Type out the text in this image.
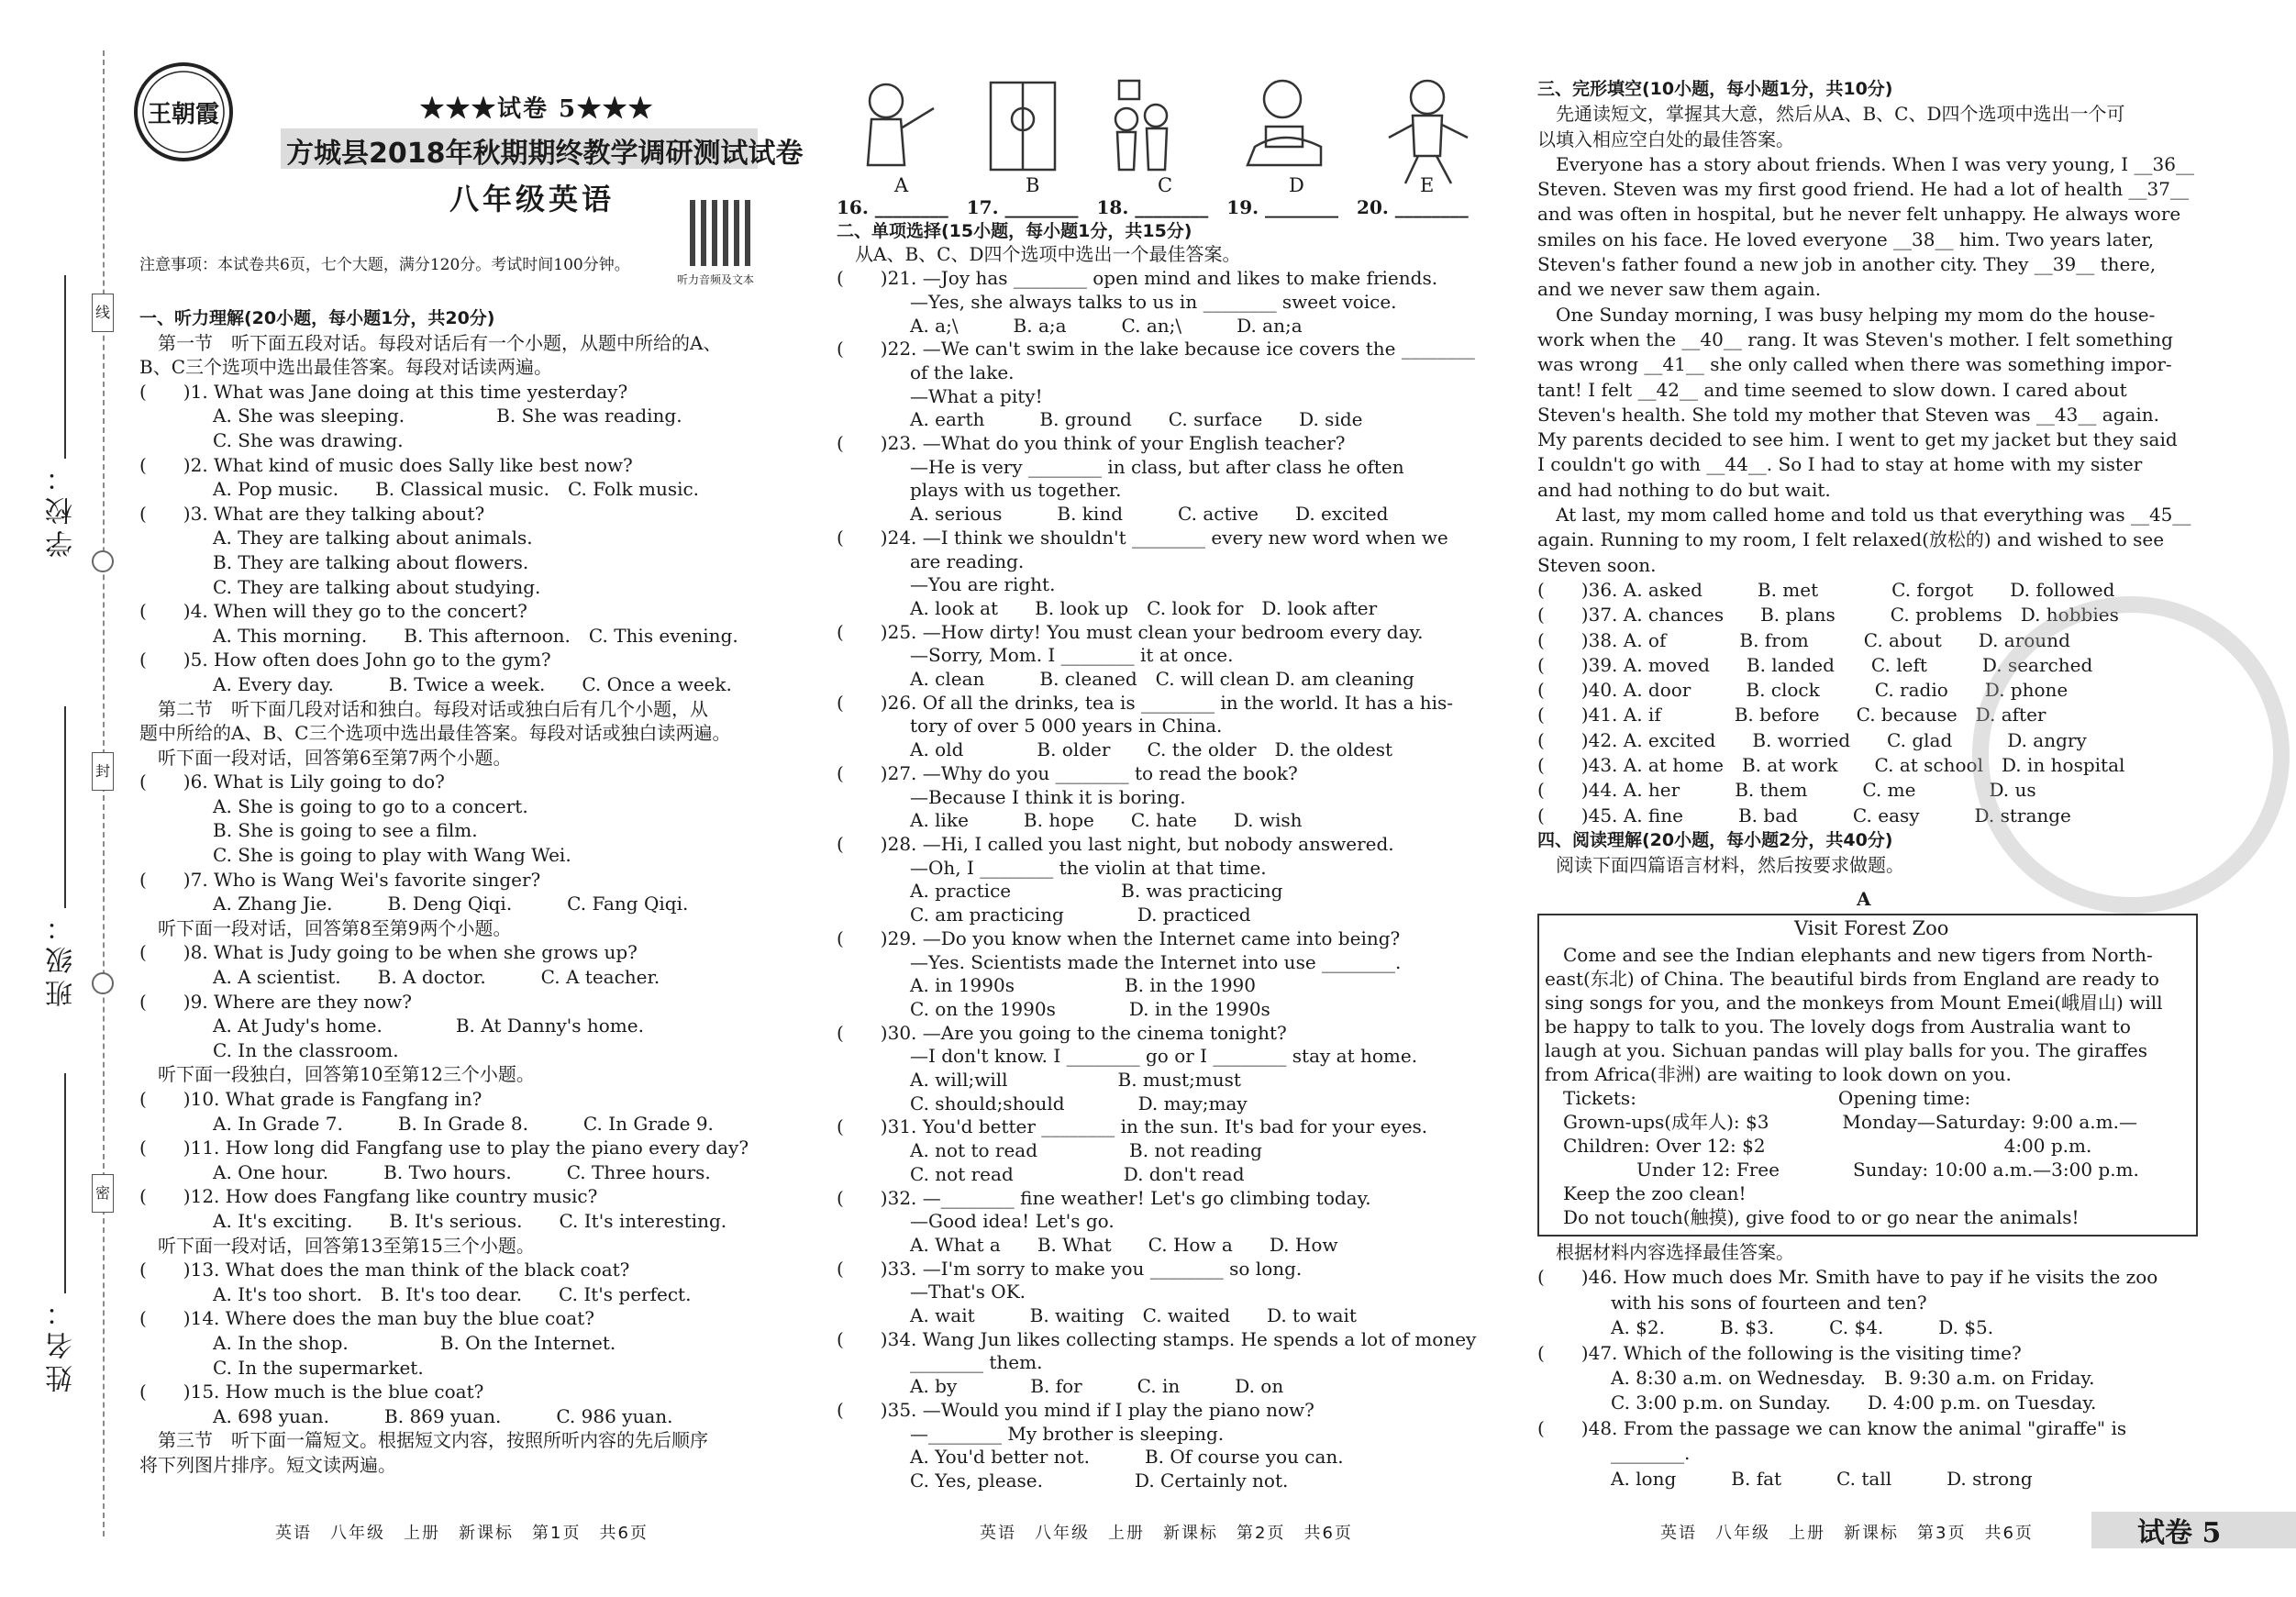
线
封
密
学校：
班级：
姓名：
王朝霞	★★★试卷 5★★★
方城县2018年秋期期终教学调研测试试卷
八年级英语
听力音频及文本
注意事项：本试卷共6页，七个大题，满分120分。考试时间100分钟。

一、听力理解(20小题，每小题1分，共20分)

　第一节　听下面五段对话。每段对话后有一个小题，从题中所给的A、

B、C三个选项中选出最佳答案。每段对话读两遍。

(　　)1. What was Jane doing at this time yesterday?

　　　　A. She was sleeping.　　　　　B. She was reading.

　　　　C. She was drawing.

(　　)2. What kind of music does Sally like best now?

　　　　A. Pop music.　　B. Classical music.　C. Folk music.

(　　)3. What are they talking about?

　　　　A. They are talking about animals.

　　　　B. They are talking about flowers.

　　　　C. They are talking about studying.

(　　)4. When will they go to the concert?

　　　　A. This morning.　　B. This afternoon.　C. This evening.

(　　)5. How often does John go to the gym?

　　　　A. Every day.　　　B. Twice a week.　　C. Once a week.

　第二节　听下面几段对话和独白。每段对话或独白后有几个小题，从

题中所给的A、B、C三个选项中选出最佳答案。每段对话或独白读两遍。

　听下面一段对话，回答第6至第7两个小题。

(　　)6. What is Lily going to do?

　　　　A. She is going to go to a concert.

　　　　B. She is going to see a film.

　　　　C. She is going to play with Wang Wei.

(　　)7. Who is Wang Wei's favorite singer?

　　　　A. Zhang Jie.　　　B. Deng Qiqi.　　　C. Fang Qiqi.

　听下面一段对话，回答第8至第9两个小题。

(　　)8. What is Judy going to be when she grows up?

　　　　A. A scientist.　　B. A doctor.　　　C. A teacher.

(　　)9. Where are they now?

　　　　A. At Judy's home.　　　　B. At Danny's home.

　　　　C. In the classroom.

　听下面一段独白，回答第10至第12三个小题。

(　　)10. What grade is Fangfang in?

　　　　A. In Grade 7.　　　B. In Grade 8.　　　C. In Grade 9.

(　　)11. How long did Fangfang use to play the piano every day?

　　　　A. One hour.　　　B. Two hours.　　　C. Three hours.

(　　)12. How does Fangfang like country music?

　　　　A. It's exciting.　　B. It's serious.　　C. It's interesting.

　听下面一段对话，回答第13至第15三个小题。

(　　)13. What does the man think of the black coat?

　　　　A. It's too short.　B. It's too dear.　　C. It's perfect.

(　　)14. Where does the man buy the blue coat?

　　　　A. In the shop.　　　　　B. On the Internet.

　　　　C. In the supermarket.

(　　)15. How much is the blue coat?

　　　　A. 698 yuan.　　　B. 869 yuan.　　　C. 986 yuan.

　第三节　听下面一篇短文。根据短文内容，按照所听内容的先后顺序

将下列图片排序。短文读两遍。

A	B	C	D	E

16. ________　17. ________　18. ________　19. ________　20. ________

二、单项选择(15小题，每小题1分，共15分)

　从A、B、C、D四个选项中选出一个最佳答案。

(　　)21. —Joy has ________ open mind and likes to make friends.

　　　　—Yes, she always talks to us in ________ sweet voice.

　　　　A. a;\　　　B. a;a　　　C. an;\　　　D. an;a

(　　)22. —We can't swim in the lake because ice covers the ________

　　　　of the lake.

　　　　—What a pity!

　　　　A. earth　　　B. ground　　C. surface　　D. side

(　　)23. —What do you think of your English teacher?

　　　　—He is very ________ in class, but after class he often

　　　　plays with us together.

　　　　A. serious　　　B. kind　　　C. active　　D. excited

(　　)24. —I think we shouldn't ________ every new word when we

　　　　are reading.

　　　　—You are right.

　　　　A. look at　　B. look up　C. look for　D. look after

(　　)25. —How dirty! You must clean your bedroom every day.

　　　　—Sorry, Mom. I ________ it at once.

　　　　A. clean　　　B. cleaned　C. will clean D. am cleaning

(　　)26. Of all the drinks, tea is ________ in the world. It has a his-

　　　　tory of over 5 000 years in China.

　　　　A. old　　　　B. older　　C. the older　D. the oldest

(　　)27. —Why do you ________ to read the book?

　　　　—Because I think it is boring.

　　　　A. like　　　B. hope　　C. hate　　D. wish

(　　)28. —Hi, I called you last night, but nobody answered.

　　　　—Oh, I ________ the violin at that time.

　　　　A. practice　　　　　　B. was practicing

　　　　C. am practicing　　　　D. practiced

(　　)29. —Do you know when the Internet came into being?

　　　　—Yes. Scientists made the Internet into use ________.

　　　　A. in 1990s　　　　　　B. in the 1990

　　　　C. on the 1990s　　　　D. in the 1990s

(　　)30. —Are you going to the cinema tonight?

　　　　—I don't know. I ________ go or I ________ stay at home.

　　　　A. will;will　　　　　　B. must;must

　　　　C. should;should　　　　D. may;may

(　　)31. You'd better ________ in the sun. It's bad for your eyes.

　　　　A. not to read　　　　　B. not reading

　　　　C. not read　　　　　　D. don't read

(　　)32. —________ fine weather! Let's go climbing today.

　　　　—Good idea! Let's go.

　　　　A. What a　　B. What　　C. How a　　D. How

(　　)33. —I'm sorry to make you ________ so long.

　　　　—That's OK.

　　　　A. wait　　　B. waiting　C. waited　　D. to wait

(　　)34. Wang Jun likes collecting stamps. He spends a lot of money

　　　　________ them.

　　　　A. by　　　　B. for　　　C. in　　　D. on

(　　)35. —Would you mind if I play the piano now?

　　　　—________ My brother is sleeping.

　　　　A. You'd better not.　　　B. Of course you can.

　　　　C. Yes, please.　　　　　D. Certainly not.

三、完形填空(10小题，每小题1分，共10分)

　先通读短文，掌握其大意，然后从A、B、C、D四个选项中选出一个可

以填入相应空白处的最佳答案。

　Everyone has a story about friends. When I was very young, I __36__

Steven. Steven was my first good friend. He had a lot of health __37__

and was often in hospital, but he never felt unhappy. He always wore

smiles on his face. He loved everyone __38__ him. Two years later,

Steven's father found a new job in another city. They __39__ there,

and we never saw them again.

　One Sunday morning, I was busy helping my mom do the house-

work when the __40__ rang. It was Steven's mother. I felt something

was wrong __41__ she only called when there was something impor-

tant! I felt __42__ and time seemed to slow down. I cared about

Steven's health. She told my mother that Steven was __43__ again.

My parents decided to see him. I went to get my jacket but they said

I couldn't go with __44__. So I had to stay at home with my sister

and had nothing to do but wait.

　At last, my mom called home and told us that everything was __45__

again. Running to my room, I felt relaxed(放松的) and wished to see

Steven soon.

(　　)36. A. asked　　　B. met　　　　C. forgot　　D. followed

(　　)37. A. chances　　B. plans　　　C. problems　D. hobbies

(　　)38. A. of　　　　B. from　　　C. about　　D. around

(　　)39. A. moved　　B. landed　　C. left　　　D. searched

(　　)40. A. door　　　B. clock　　　C. radio　　D. phone

(　　)41. A. if　　　　B. before　　C. because　D. after

(　　)42. A. excited　　B. worried　　C. glad　　　D. angry

(　　)43. A. at home　B. at work　　C. at school　D. in hospital

(　　)44. A. her　　　B. them　　　C. me　　　　D. us

(　　)45. A. fine　　　B. bad　　　C. easy　　　D. strange

四、阅读理解(20小题，每小题2分，共40分)

　阅读下面四篇语言材料，然后按要求做题。

A
Visit Forest Zoo

　Come and see the Indian elephants and new tigers from North-

east(东北) of China. The beautiful birds from England are ready to

sing songs for you, and the monkeys from Mount Emei(峨眉山) will

be happy to talk to you. The lovely dogs from Australia want to

laugh at you. Sichuan pandas will play balls for you. The giraffes

from Africa(非洲) are waiting to look down on you.

　Tickets:　　　　　　　　　　　Opening time:

　Grown-ups(成年人): $3　　　　Monday—Saturday: 9:00 a.m.—

　Children: Over 12: $2　　　　　　　　　　　　　4:00 p.m.

　　　　　Under 12: Free　　　　Sunday: 10:00 a.m.—3:00 p.m.

　Keep the zoo clean!

　Do not touch(触摸), give food to or go near the animals!

　根据材料内容选择最佳答案。

(　　)46. How much does Mr. Smith have to pay if he visits the zoo

　　　　with his sons of fourteen and ten?

　　　　A. $2.　　　B. $3.　　　C. $4.　　　D. $5.

(　　)47. Which of the following is the visiting time?

　　　　A. 8:30 a.m. on Wednesday.　B. 9:30 a.m. on Friday.

　　　　C. 3:00 p.m. on Sunday.　　D. 4:00 p.m. on Tuesday.

(　　)48. From the passage we can know the animal "giraffe" is

　　　　________.

　　　　A. long　　　B. fat　　　C. tall　　　D. strong

英语　八年级　上册　新课标　第1页　共6页	英语　八年级　上册　新课标　第2页　共6页	英语　八年级　上册　新课标　第3页　共6页	试卷 5
